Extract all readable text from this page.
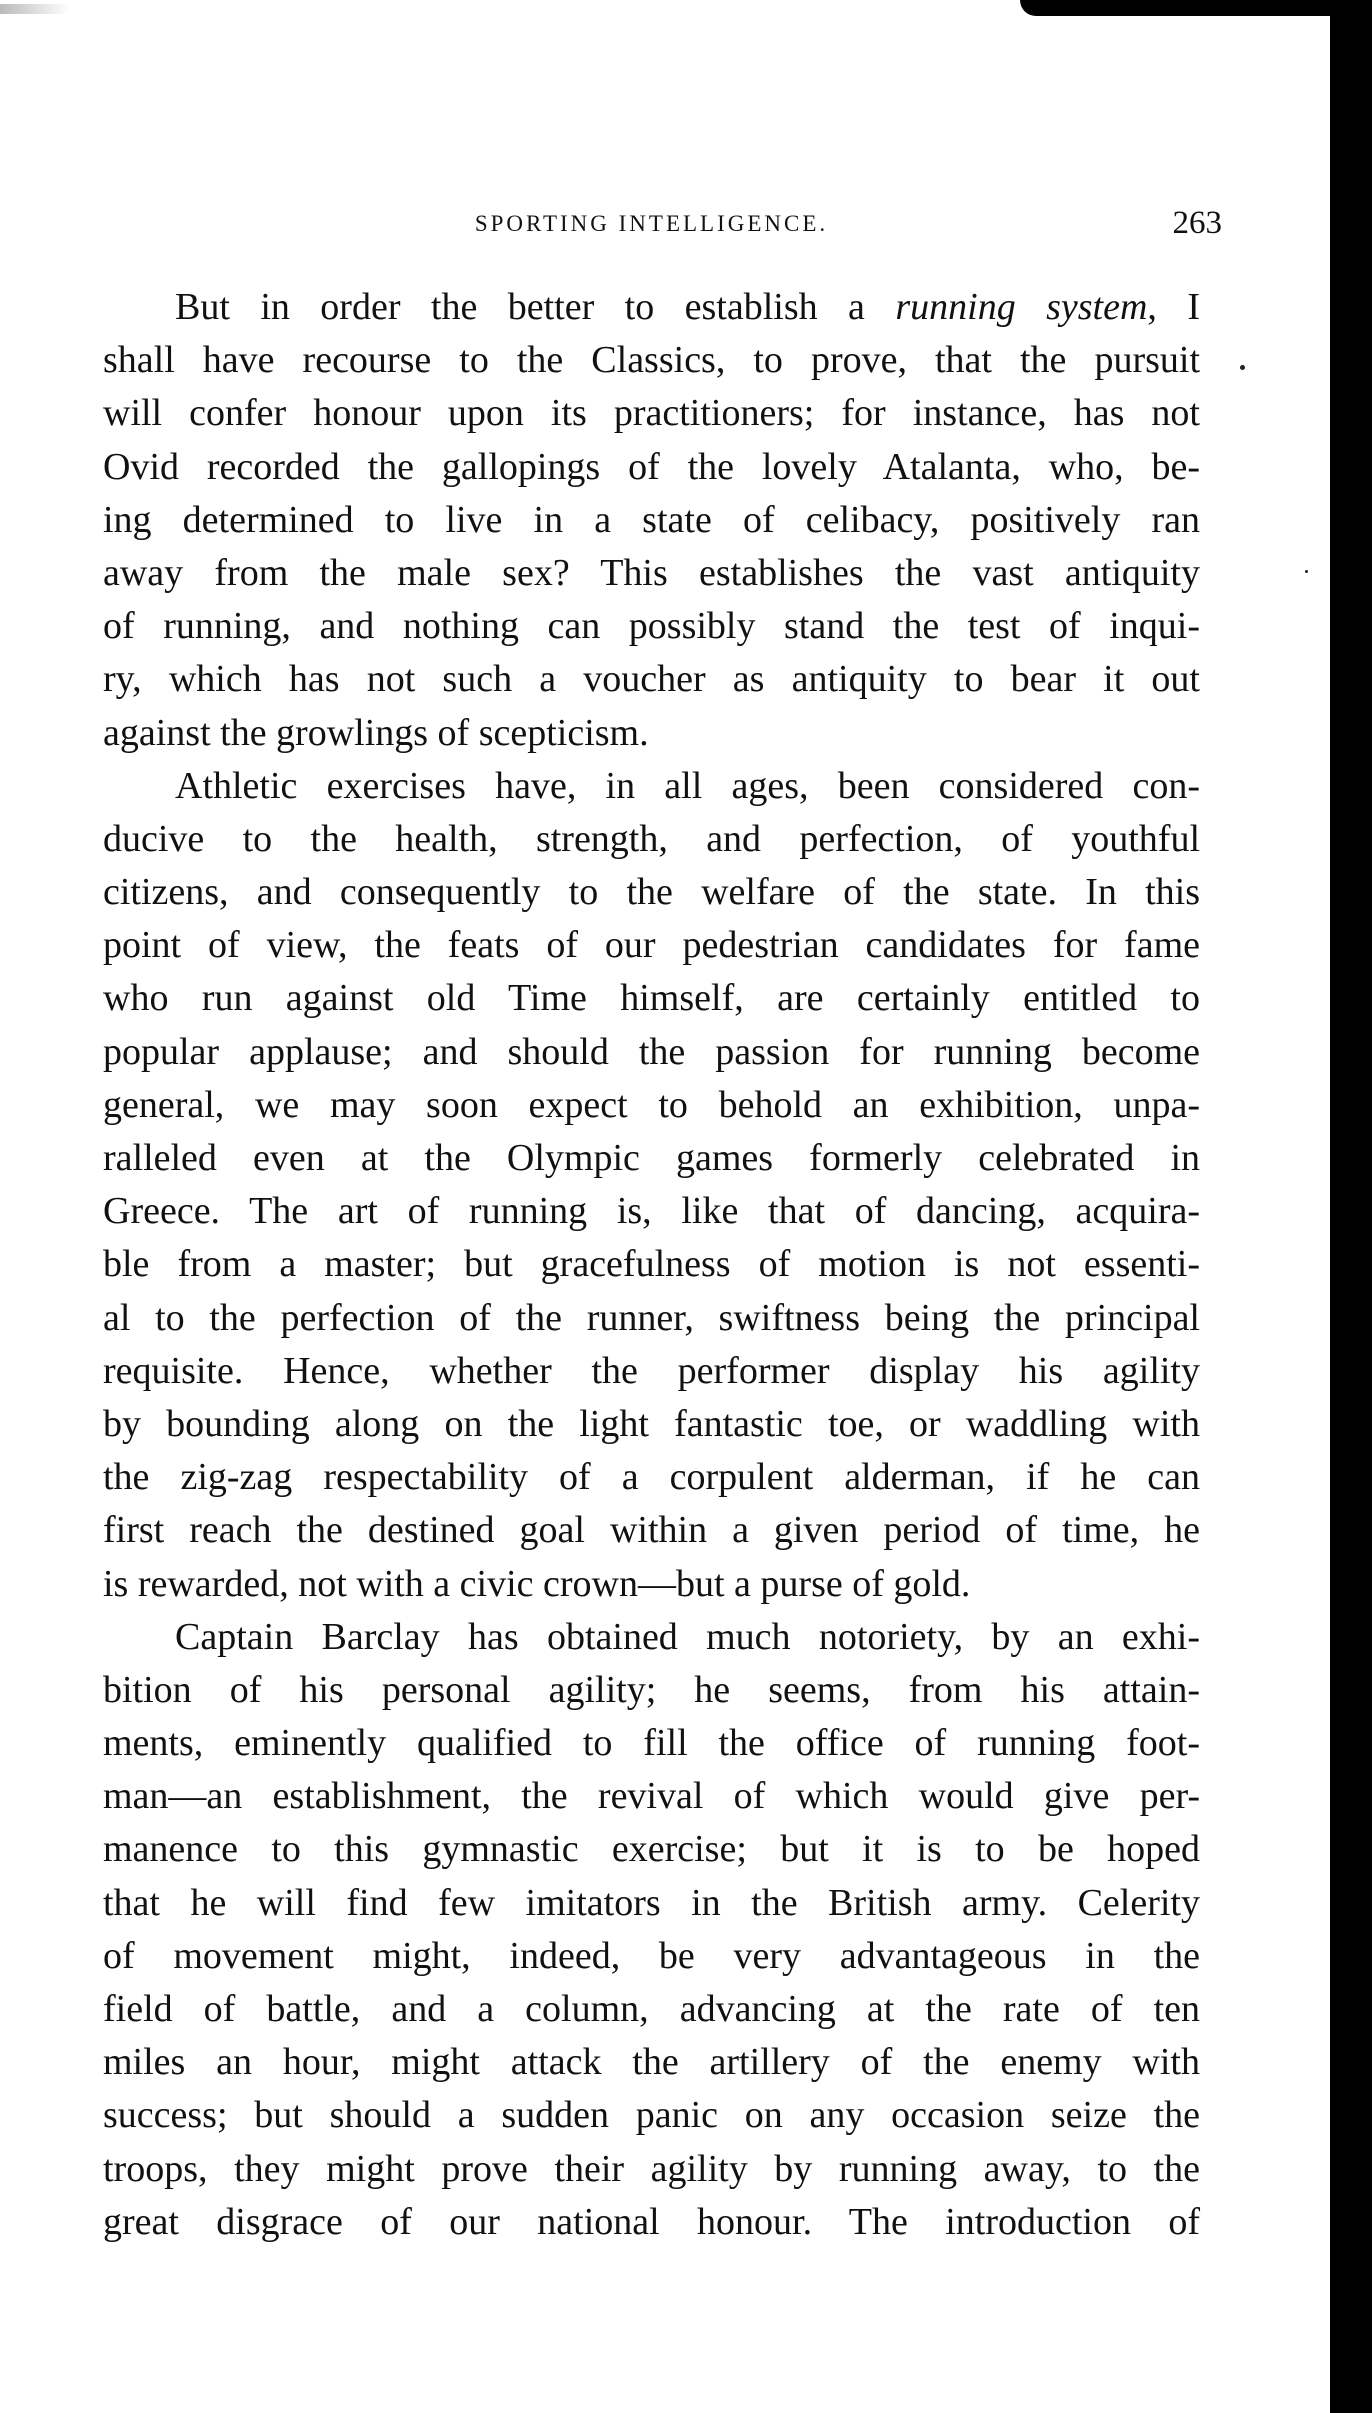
SPORTING INTELLIGENCE.	263
But in order the better to establish a running system, I
shall have recourse to the Classics, to prove, that the pursuit
will confer honour upon its practitioners; for instance, has not
Ovid recorded the gallopings of the lovely Atalanta, who, be-
ing determined to live in a state of celibacy, positively ran
away from the male sex? This establishes the vast antiquity
of running, and nothing can possibly stand the test of inqui-
ry, which has not such a voucher as antiquity to bear it out
against the growlings of scepticism.
Athletic exercises have, in all ages, been considered con-
ducive to the health, strength, and perfection, of youthful
citizens, and consequently to the welfare of the state. In this
point of view, the feats of our pedestrian candidates for fame
who run against old Time himself, are certainly entitled to
popular applause; and should the passion for running become
general, we may soon expect to behold an exhibition, unpa-
ralleled even at the Olympic games formerly celebrated in
Greece. The art of running is, like that of dancing, acquira-
ble from a master; but gracefulness of motion is not essenti-
al to the perfection of the runner, swiftness being the principal
requisite. Hence, whether the performer display his agility
by bounding along on the light fantastic toe, or waddling with
the zig-zag respectability of a corpulent alderman, if he can
first reach the destined goal within a given period of time, he
is rewarded, not with a civic crown—but a purse of gold.
Captain Barclay has obtained much notoriety, by an exhi-
bition of his personal agility; he seems, from his attain-
ments, eminently qualified to fill the office of running foot-
man—an establishment, the revival of which would give per-
manence to this gymnastic exercise; but it is to be hoped
that he will find few imitators in the British army. Celerity
of movement might, indeed, be very advantageous in the
field of battle, and a column, advancing at the rate of ten
miles an hour, might attack the artillery of the enemy with
success; but should a sudden panic on any occasion seize the
troops, they might prove their agility by running away, to the
great disgrace of our national honour. The introduction of
